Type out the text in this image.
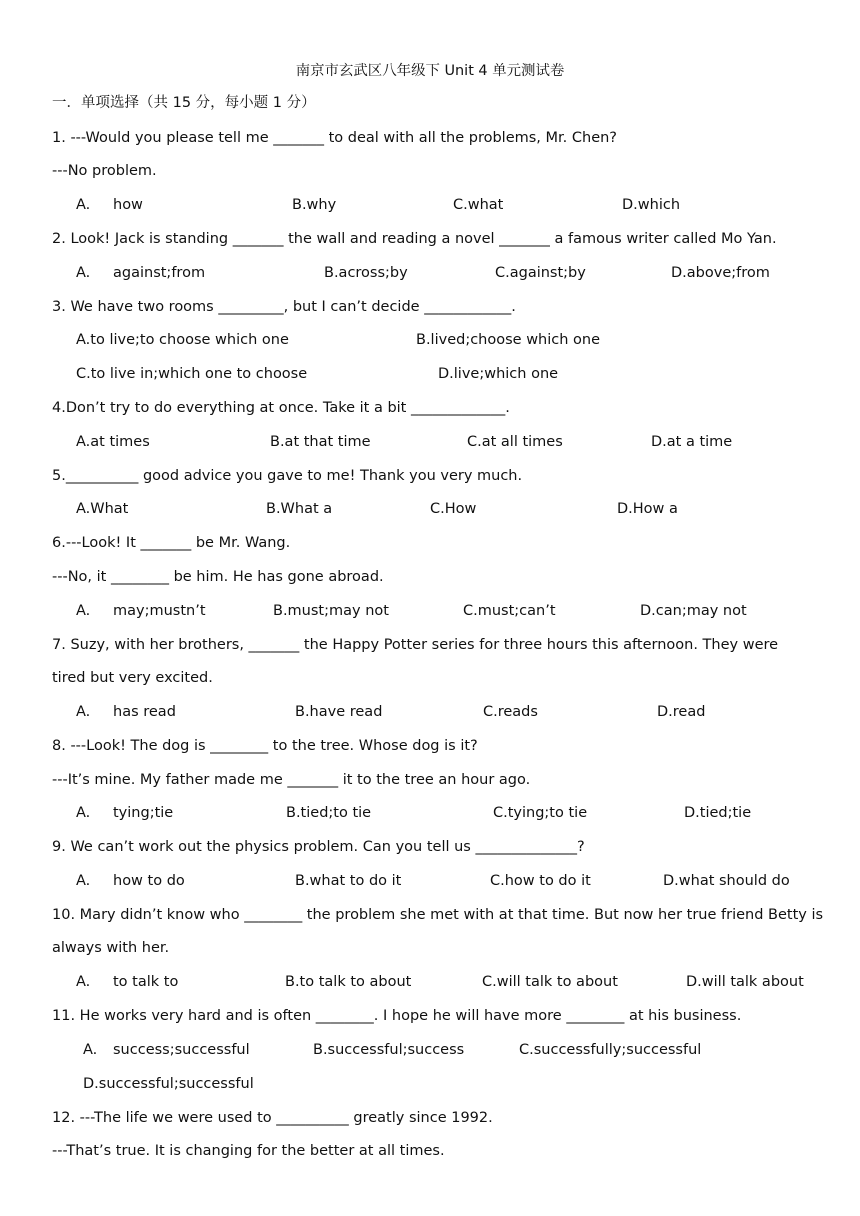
南京市玄武区八年级下 Unit 4 单元测试卷
一．单项选择（共 15 分，每小题 1 分）
1. ---Would you please tell me _______ to deal with all the problems, Mr. Chen?
---No problem.
A. how	B.why	C.what	D.which
2. Look! Jack is standing _______ the wall and reading a novel _______ a famous writer called Mo Yan.
A. against;from	B.across;by	C.against;by	D.above;from
3. We have two rooms _________, but I can’t decide ____________.
A.to live;to choose which one	B.lived;choose which one
C.to live in;which one to choose	D.live;which one
4.Don’t try to do everything at once. Take it a bit _____________.
A.at times	B.at that time	C.at all times	D.at a time
5.__________ good advice you gave to me! Thank you very much.
A.What	B.What a	C.How	D.How a
6.---Look! It _______ be Mr. Wang.
---No, it ________ be him. He has gone abroad.
A. may;mustn’t	B.must;may not	C.must;can’t	D.can;may not
7. Suzy, with her brothers, _______ the Happy Potter series for three hours this afternoon. They were
tired but very excited.
A. has read	B.have read	C.reads	D.read
8. ---Look! The dog is ________ to the tree. Whose dog is it?
---It’s mine. My father made me _______ it to the tree an hour ago.
A. tying;tie	B.tied;to tie	C.tying;to tie	D.tied;tie
9. We can’t work out the physics problem. Can you tell us ______________?
A. how to do	B.what to do it	C.how to do it	D.what should do
10. Mary didn’t know who ________ the problem she met with at that time. But now her true friend Betty is
always with her.
A. to talk to	B.to talk to about	C.will talk to about	D.will talk about
11. He works very hard and is often ________. I hope he will have more ________ at his business.
A. success;successful	B.successful;success	C.successfully;successful
D.successful;successful
12. ---The life we were used to __________ greatly since 1992.
---That’s true. It is changing for the better at all times.
